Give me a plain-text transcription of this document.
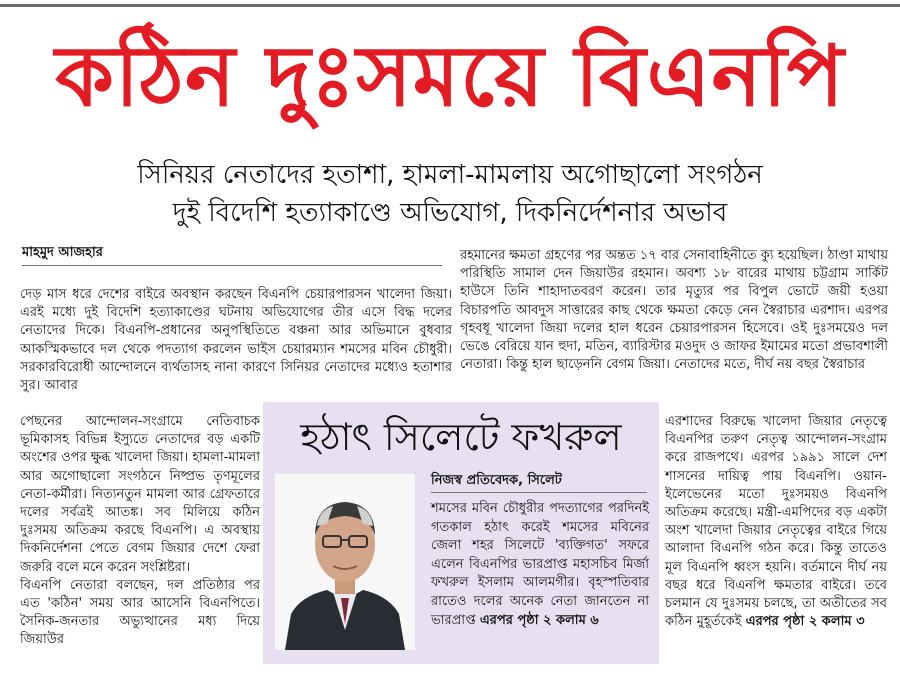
কঠিন দুঃসময়ে বিএনপি
সিনিয়র নেতাদের হতাশা, হামলা-মামলায় অগোছালো সংগঠন
দুই বিদেশি হত্যাকাণ্ডে অভিযোগ, দিকনির্দেশনার অভাব
মাহমুদ আজহার

দেড় মাস ধরে দেশের বাইরে অবস্থান করছেন বিএনপি চেয়ারপারসন খালেদা জিয়া। এরই মধ্যে দুই বিদেশি হত্যাকাণ্ডের ঘটনায় অভিযোগের তীর এসে বিদ্ধ দলের নেতাদের দিকে। বিএনপি-প্রধানের অনুপস্থিতিতে বঞ্চনা আর অভিমানে বুধবার আকস্মিকভাবে দল থেকে পদত্যাগ করলেন ভাইস চেয়ারম্যান শমসের মবিন চৌধুরী। সরকারবিরোধী আন্দোলনে ব্যর্থতাসহ নানা কারণে সিনিয়র নেতাদের মধ্যেও হতাশার সুর। আবার

পেছনের আন্দোলন-সংগ্রামে নেতিবাচক ভূমিকাসহ বিভিন্ন ইস্যুতে নেতাদের বড় একটি অংশের ওপর ক্ষুব্ধ খালেদা জিয়া। হামলা-মামলা আর অগোছালো সংগঠনে নিষ্প্রভ তৃণমূলের নেতা-কর্মীরা। নিত্যনতুন মামলা আর গ্রেফতারে দলের সর্বত্রই আতঙ্ক। সব মিলিয়ে কঠিন দুঃসময় অতিক্রম করছে বিএনপি। এ অবস্থায় দিকনির্দেশনা পেতে বেগম জিয়ার দেশে ফেরা জরুরি বলে মনে করেন সংশ্লিষ্টরা।

বিএনপি নেতারা বলছেন, দল প্রতিষ্ঠার পর এত 'কঠিন' সময় আর আসেনি বিএনপিতে। সৈনিক-জনতার অভ্যুত্থানের মধ্য দিয়ে জিয়াউর

রহমানের ক্ষমতা গ্রহণের পর অন্তত ১৭ বার সেনাবাহিনীতে ক্যু হয়েছিল। ঠাণ্ডা মাথায় পরিস্থিতি সামাল দেন জিয়াউর রহমান। অবশ্য ১৮ বারের মাথায় চট্টগ্রাম সার্কিট হাউসে তিনি শাহাদাতবরণ করেন। তার মৃত্যুর পর বিপুল ভোটে জয়ী হওয়া বিচারপতি আবদুস সাত্তারের কাছ থেকে ক্ষমতা কেড়ে নেন স্বৈরাচার এরশাদ। এরপর গৃহবধূ খালেদা জিয়া দলের হাল ধরেন চেয়ারপারসন হিসেবে। ওই দুঃসময়েও দল ভেঙে বেরিয়ে যান হুদা, মতিন, ব্যারিস্টার মওদুদ ও জাফর ইমামের মতো প্রভাবশালী নেতারা। কিন্তু হাল ছাড়েননি বেগম জিয়া। নেতাদের মতে, দীর্ঘ নয় বছর স্বৈরাচার

এরশাদের বিরুদ্ধে খালেদা জিয়ার নেতৃত্বে বিএনপির তরুণ নেতৃত্ব আন্দোলন-সংগ্রাম করে রাজপথে। এরপর ১৯৯১ সালে দেশ শাসনের দায়িত্ব পায় বিএনপি। ওয়ান-ইলেভেনের মতো দুঃসময়ও বিএনপি অতিক্রম করেছে। মন্ত্রী-এমপিদের বড় একটা অংশ খালেদা জিয়ার নেতৃত্বের বাইরে গিয়ে আলাদা বিএনপি গঠন করে। কিন্তু তাতেও মূল বিএনপি ধ্বংস হয়নি। বর্তমানে দীর্ঘ নয় বছর ধরে বিএনপি ক্ষমতার বাইরে। তবে চলমান যে দুঃসময় চলছে, তা অতীতের সব কঠিন মুহূর্তকেই এরপর পৃষ্ঠা ২ কলাম ৩

হঠাৎ সিলেটে ফখরুল
নিজস্ব প্রতিবেদক, সিলেট

শমসের মবিন চৌধুরীর পদত্যাগের পরদিনই গতকাল হঠাৎ করেই শমসের মবিনের জেলা শহর সিলেটে 'ব্যক্তিগত' সফরে এলেন বিএনপির ভারপ্রাপ্ত মহাসচিব মির্জা ফখরুল ইসলাম আলমগীর। বৃহস্পতিবার রাতেও দলের অনেক নেতা জানতেন না ভারপ্রাপ্ত এরপর পৃষ্ঠা ২ কলাম ৬
